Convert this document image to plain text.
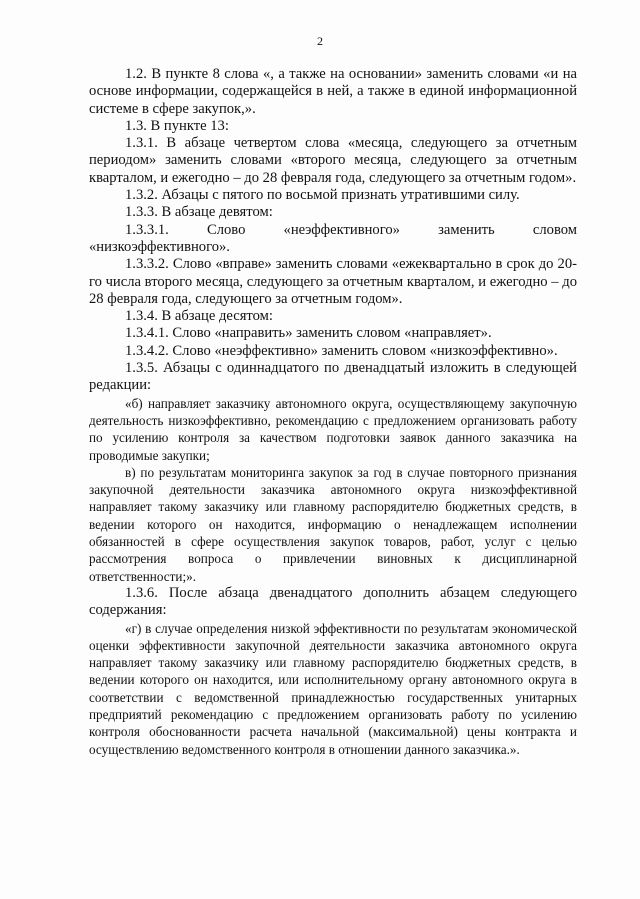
2

1.2. В пункте 8 слова «, а также на основании» заменить словами «и на основе информации, содержащейся в ней, а также в единой информационной системе в сфере закупок,».

1.3. В пункте 13:

1.3.1. В абзаце четвертом слова «месяца, следующего за отчетным периодом» заменить словами «второго месяца, следующего за отчетным кварталом, и ежегодно – до 28 февраля года, следующего за отчетным годом».

1.3.2. Абзацы с пятого по восьмой признать утратившими силу.

1.3.3. В абзаце девятом:

1.3.3.1. Слово «неэффективного» заменить словом «низкоэффективного».

1.3.3.2. Слово «вправе» заменить словами «ежеквартально в срок до 20-го числа второго месяца, следующего за отчетным кварталом, и ежегодно – до 28 февраля года, следующего за отчетным годом».

1.3.4. В абзаце десятом:

1.3.4.1. Слово «направить» заменить словом «направляет».

1.3.4.2. Слово «неэффективно» заменить словом «низкоэффективно».

1.3.5. Абзацы с одиннадцатого по двенадцатый изложить в следующей редакции:

«б) направляет заказчику автономного округа, осуществляющему закупочную деятельность низкоэффективно, рекомендацию с предложением организовать работу по усилению контроля за качеством подготовки заявок данного заказчика на проводимые закупки;

в) по результатам мониторинга закупок за год в случае повторного признания закупочной деятельности заказчика автономного округа низкоэффективной направляет такому заказчику или главному распорядителю бюджетных средств, в ведении которого он находится, информацию о ненадлежащем исполнении обязанностей в сфере осуществления закупок товаров, работ, услуг с целью рассмотрения вопроса о привлечении виновных к дисциплинарной ответственности;».

1.3.6. После абзаца двенадцатого дополнить абзацем следующего содержания:

«г) в случае определения низкой эффективности по результатам экономической оценки эффективности закупочной деятельности заказчика автономного округа направляет такому заказчику или главному распорядителю бюджетных средств, в ведении которого он находится, или исполнительному органу автономного округа в соответствии с ведомственной принадлежностью государственных унитарных предприятий рекомендацию с предложением организовать работу по усилению контроля обоснованности расчета начальной (максимальной) цены контракта и осуществлению ведомственного контроля в отношении данного заказчика.».
